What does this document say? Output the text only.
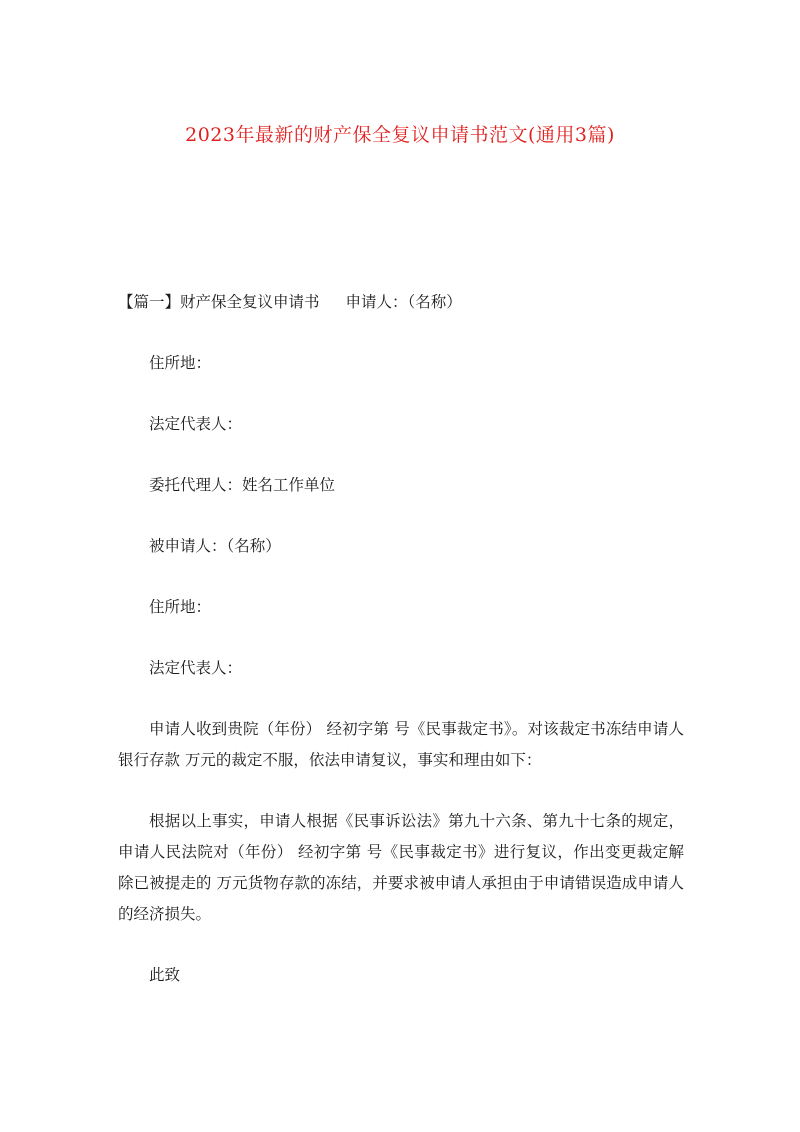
2023年最新的财产保全复议申请书范文(通用3篇)
【篇一】财产保全复议申请书 申请人：（名称）
住所地：
法定代表人：
委托代理人：姓名工作单位
被申请人：（名称）
住所地：
法定代表人：
申请人收到贵院（年份） 经初字第 号《民事裁定书》。对该裁定书冻结申请人银行存款 万元的裁定不服，依法申请复议，事实和理由如下：
根据以上事实，申请人根据《民事诉讼法》第九十六条、第九十七条的规定，申请人民法院对（年份） 经初字第 号《民事裁定书》进行复议，作出变更裁定解除已被提走的 万元货物存款的冻结，并要求被申请人承担由于申请错误造成申请人的经济损失。
此致
